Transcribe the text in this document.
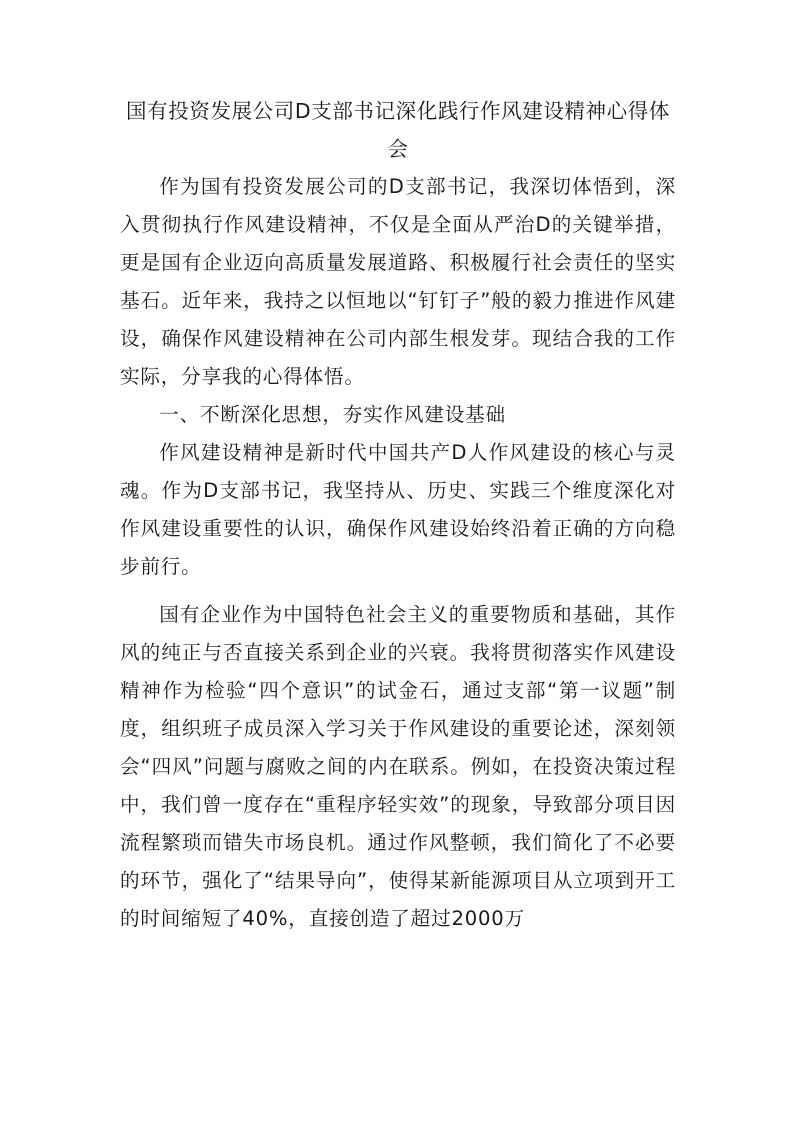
国有投资发展公司D支部书记深化践行作风建设精神心得体会

作为国有投资发展公司的D支部书记，我深切体悟到，深入贯彻执行作风建设精神，不仅是全面从严治D的关键举措，更是国有企业迈向高质量发展道路、积极履行社会责任的坚实基石。近年来，我持之以恒地以“钉钉子”般的毅力推进作风建设，确保作风建设精神在公司内部生根发芽。现结合我的工作实际，分享我的心得体悟。

一、不断深化思想，夯实作风建设基础

作风建设精神是新时代中国共产D人作风建设的核心与灵魂。作为D支部书记，我坚持从、历史、实践三个维度深化对作风建设重要性的认识，确保作风建设始终沿着正确的方向稳步前行。

国有企业作为中国特色社会主义的重要物质和基础，其作风的纯正与否直接关系到企业的兴衰。我将贯彻落实作风建设精神作为检验“四个意识”的试金石，通过支部“第一议题”制度，组织班子成员深入学习关于作风建设的重要论述，深刻领会“四风”问题与腐败之间的内在联系。例如，在投资决策过程中，我们曾一度存在“重程序轻实效”的现象，导致部分项目因流程繁琐而错失市场良机。通过作风整顿，我们简化了不必要的环节，强化了“结果导向”，使得某新能源项目从立项到开工的时间缩短了40%，直接创造了超过2000万
